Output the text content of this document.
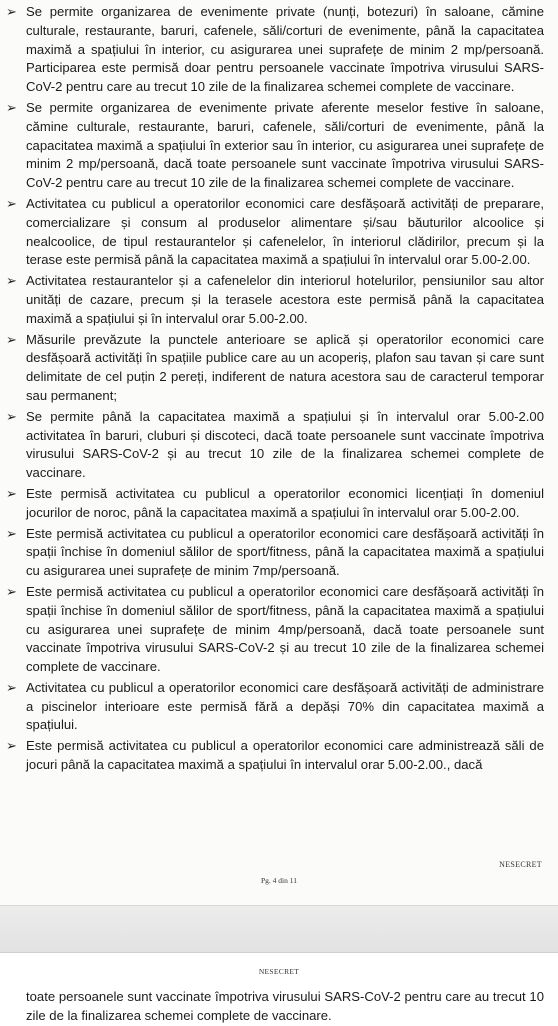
➢ Se permite organizarea de evenimente private (nunți, botezuri) în saloane, cămine culturale, restaurante, baruri, cafenele, săli/corturi de evenimente, până la capacitatea maximă a spațiului în interior, cu asigurarea unei suprafețe de minim 2 mp/persoană. Participarea este permisă doar pentru persoanele vaccinate împotriva virusului SARS-CoV-2 pentru care au trecut 10 zile de la finalizarea schemei complete de vaccinare.
➢ Se permite organizarea de evenimente private aferente meselor festive în saloane, cămine culturale, restaurante, baruri, cafenele, săli/corturi de evenimente, până la capacitatea maximă a spațiului în exterior sau în interior, cu asigurarea unei suprafețe de minim 2 mp/persoană, dacă toate persoanele sunt vaccinate împotriva virusului SARS-CoV-2 pentru care au trecut 10 zile de la finalizarea schemei complete de vaccinare.
➢ Activitatea cu publicul a operatorilor economici care desfășoară activități de preparare, comercializare și consum al produselor alimentare și/sau băuturilor alcoolice și nealcoolice, de tipul restaurantelor și cafenelelor, în interiorul clădirilor, precum și la terase este permisă până la capacitatea maximă a spațiului în intervalul orar 5.00-2.00.
➢ Activitatea restaurantelor și a cafenelelor din interiorul hotelurilor, pensiunilor sau altor unități de cazare, precum și la terasele acestora este permisă până la capacitatea maximă a spațiului și în intervalul orar 5.00-2.00.
➢ Măsurile prevăzute la punctele anterioare se aplică și operatorilor economici care desfășoară activități în spațiile publice care au un acoperiș, plafon sau tavan și care sunt delimitate de cel puțin 2 pereți, indiferent de natura acestora sau de caracterul temporar sau permanent;
➢ Se permite până la capacitatea maximă a spațiului și în intervalul orar 5.00-2.00 activitatea în baruri, cluburi și discoteci, dacă toate persoanele sunt vaccinate împotriva virusului SARS-CoV-2 și au trecut 10 zile de la finalizarea schemei complete de vaccinare.
➢ Este permisă activitatea cu publicul a operatorilor economici licențiați în domeniul jocurilor de noroc, până la capacitatea maximă a spațiului în intervalul orar 5.00-2.00.
➢ Este permisă activitatea cu publicul a operatorilor economici care desfășoară activități în spații închise în domeniul sălilor de sport/fitness, până la capacitatea maximă a spațiului cu asigurarea unei suprafețe de minim 7mp/persoană.
➢ Este permisă activitatea cu publicul a operatorilor economici care desfășoară activități în spații închise în domeniul sălilor de sport/fitness, până la capacitatea maximă a spațiului cu asigurarea unei suprafețe de minim 4mp/persoană, dacă toate persoanele sunt vaccinate împotriva virusului SARS-CoV-2 și au trecut 10 zile de la finalizarea schemei complete de vaccinare.
➢ Activitatea cu publicul a operatorilor economici care desfășoară activități de administrare a piscinelor interioare este permisă fără a depăși 70% din capacitatea maximă a spațiului.
➢ Este permisă activitatea cu publicul a operatorilor economici care administrează săli de jocuri până la capacitatea maximă a spațiului în intervalul orar 5.00-2.00., dacă
NESECRET
Pg. 4 din 11
NESECRET
toate persoanele sunt vaccinate împotriva virusului SARS-CoV-2 pentru care au trecut 10 zile de la finalizarea schemei complete de vaccinare.
